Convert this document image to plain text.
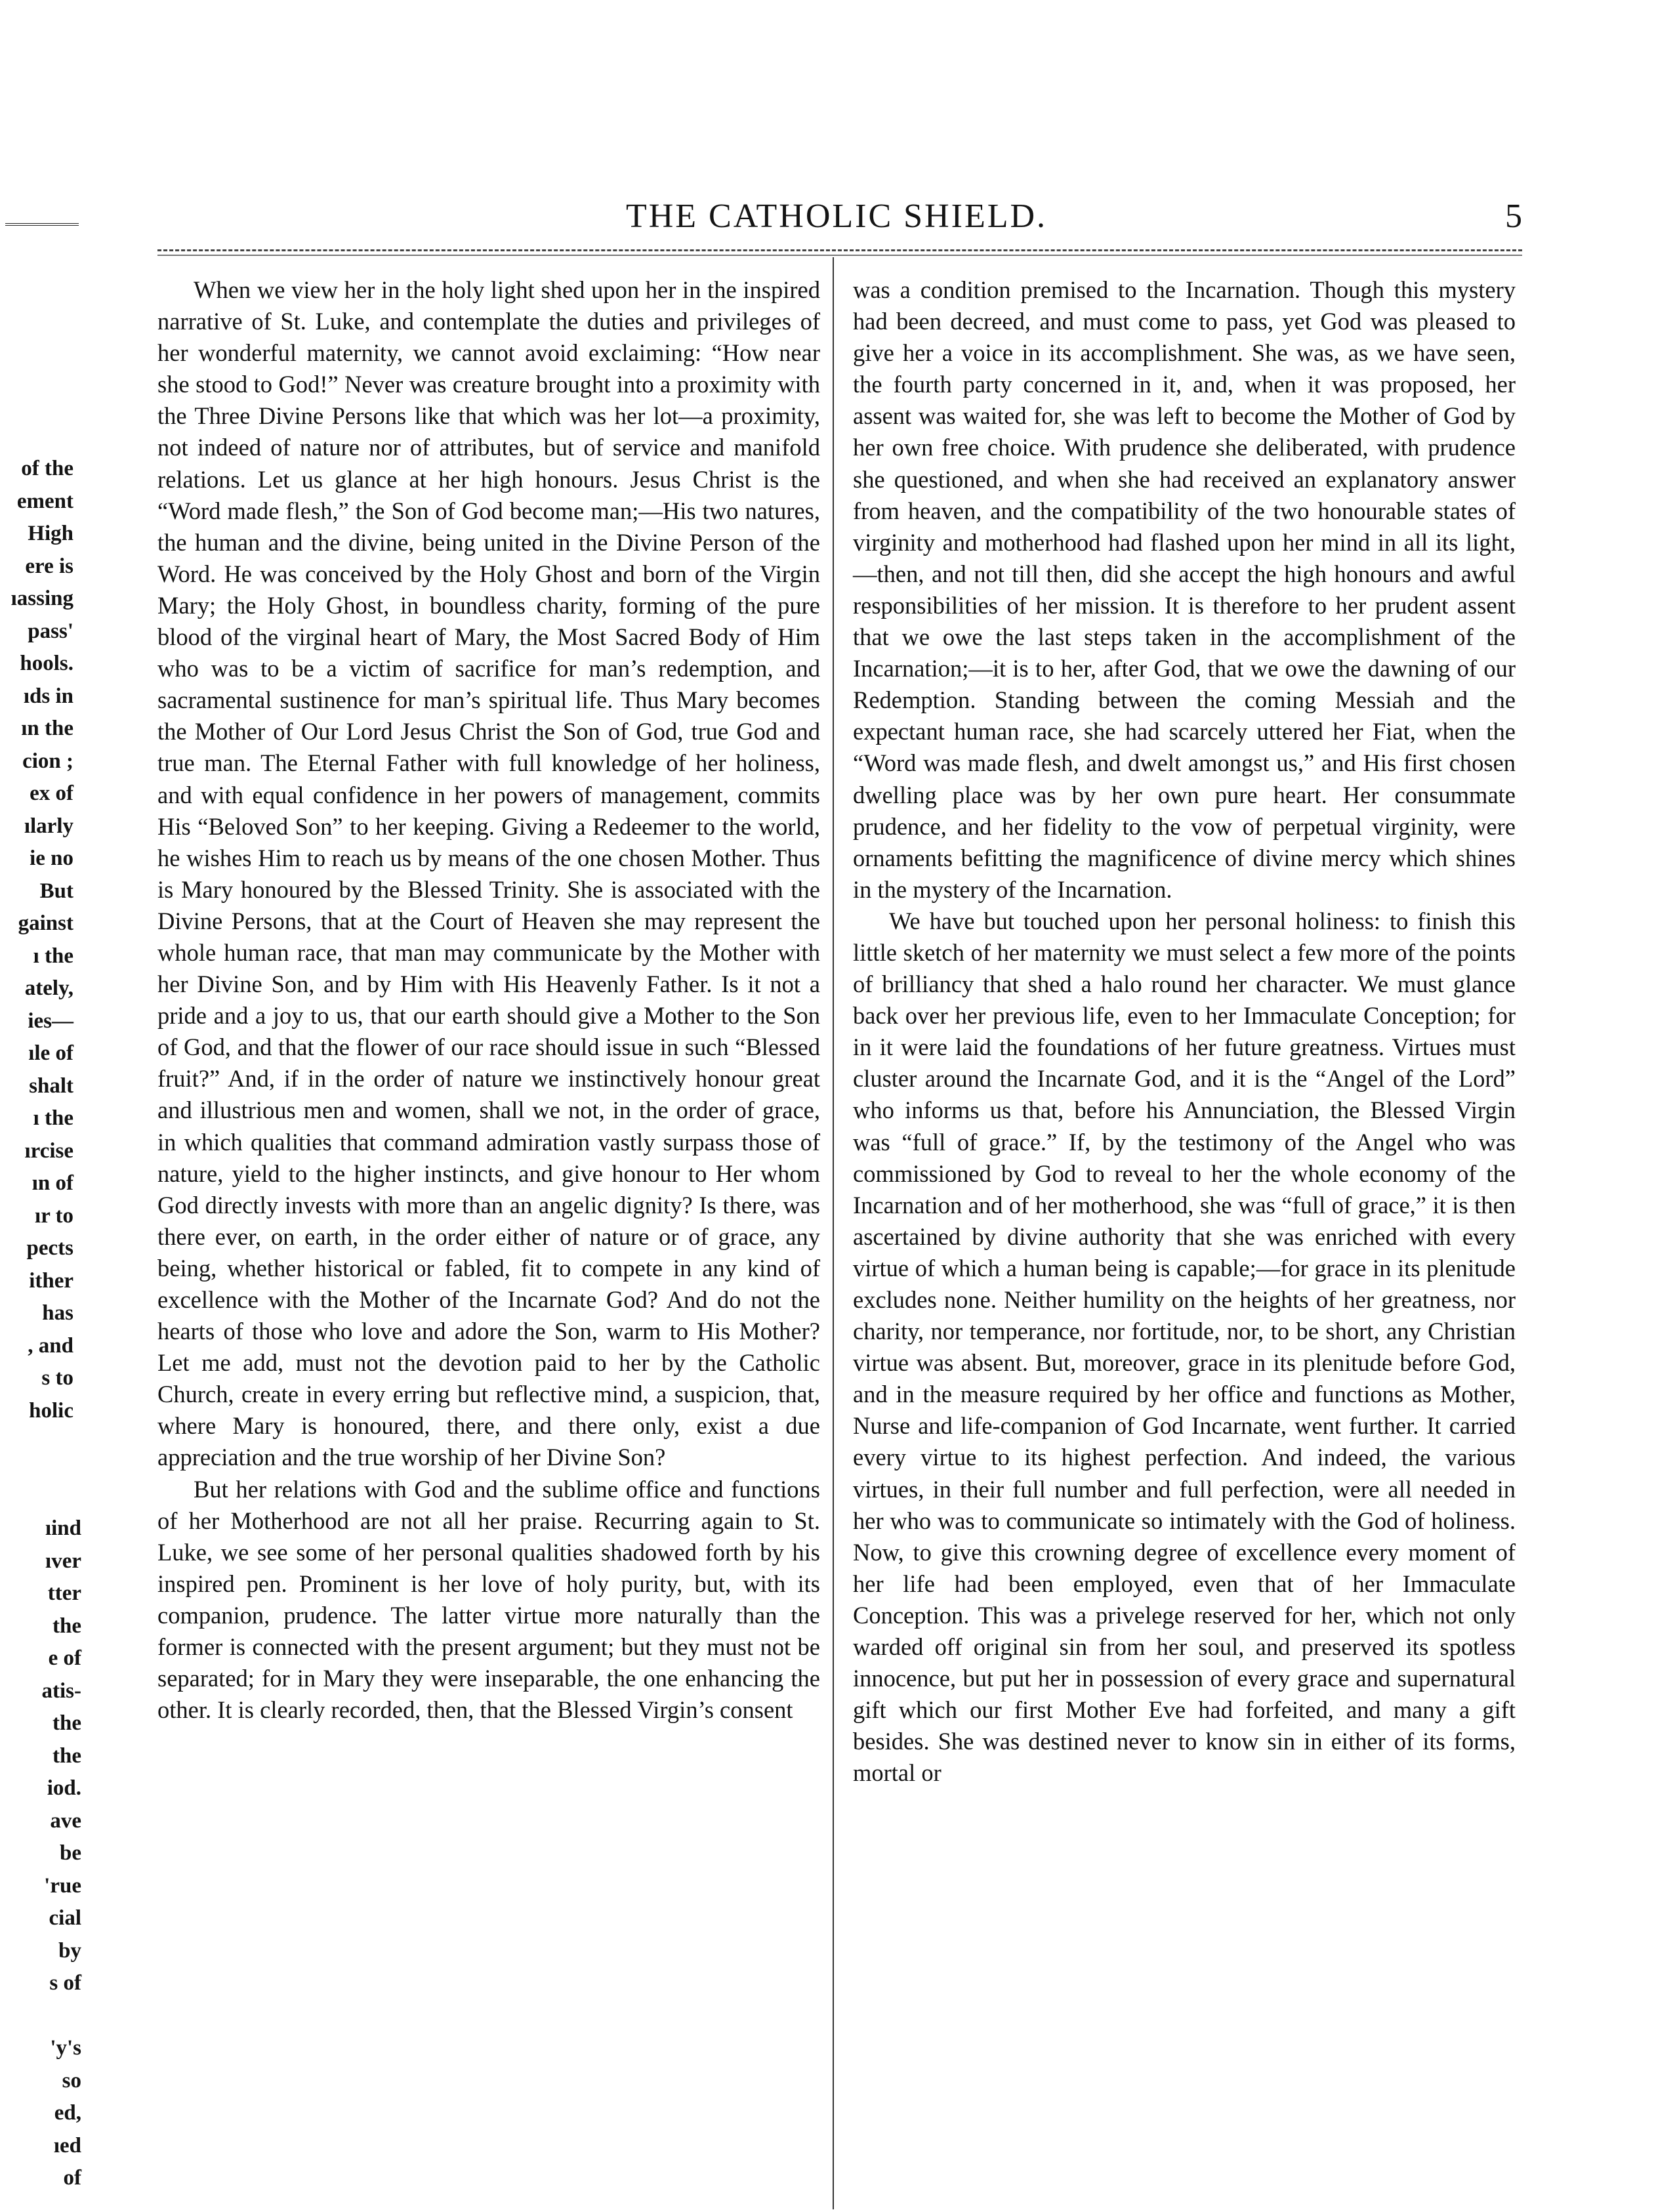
of the
ement
High
ere is
ıassing
pass'
hools.
ıds in
ın the
cion ;
ex of
ılarly
ie no
But
gainst
ı the
ately,
ies—
ıle of
shalt
ı the
ırcise
ın of
ır to
pects
ither
has
, and
s to
holic
ıind
ıver
tter
the
e of
atis-
the
the
iod.
ave
be
'rue
cial
by
s of

'y's
so
ed,
ıed
of
THE CATHOLIC SHIELD.	5

When we view her in the holy light shed upon her in the inspired narrative of St. Luke, and contemplate the duties and privileges of her wonderful maternity, we cannot avoid exclaiming: “How near she stood to God!” Never was creature brought into a proximity with the Three Divine Persons like that which was her lot—a proximity, not indeed of nature nor of attributes, but of service and manifold relations. Let us glance at her high honours. Jesus Christ is the “Word made flesh,” the Son of God become man;—His two natures, the human and the divine, being united in the Divine Person of the Word. He was conceived by the Holy Ghost and born of the Virgin Mary; the Holy Ghost, in boundless charity, forming of the pure blood of the virginal heart of Mary, the Most Sacred Body of Him who was to be a victim of sacrifice for man’s redemption, and sacramental sustinence for man’s spiritual life. Thus Mary becomes the Mother of Our Lord Jesus Christ the Son of God, true God and true man. The Eternal Father with full knowledge of her holiness, and with equal confidence in her powers of management, commits His “Beloved Son” to her keeping. Giving a Redeemer to the world, he wishes Him to reach us by means of the one chosen Mother. Thus is Mary honoured by the Blessed Trinity. She is associated with the Divine Persons, that at the Court of Heaven she may represent the whole human race, that man may communicate by the Mother with her Divine Son, and by Him with His Heavenly Father. Is it not a pride and a joy to us, that our earth should give a Mother to the Son of God, and that the flower of our race should issue in such “Blessed fruit?” And, if in the order of nature we instinctively honour great and illustrious men and women, shall we not, in the order of grace, in which qualities that command admiration vastly surpass those of nature, yield to the higher instincts, and give honour to Her whom God directly invests with more than an angelic dignity? Is there, was there ever, on earth, in the order either of nature or of grace, any being, whether historical or fabled, fit to compete in any kind of excellence with the Mother of the Incarnate God? And do not the hearts of those who love and adore the Son, warm to His Mother? Let me add, must not the devotion paid to her by the Catholic Church, create in every erring but reflective mind, a suspicion, that, where Mary is honoured, there, and there only, exist a due appreciation and the true worship of her Divine Son?

But her relations with God and the sublime office and functions of her Motherhood are not all her praise. Recurring again to St. Luke, we see some of her personal qualities shadowed forth by his inspired pen. Prominent is her love of holy purity, but, with its companion, prudence. The latter virtue more naturally than the former is connected with the present argument; but they must not be separated; for in Mary they were inseparable, the one enhancing the other. It is clearly recorded, then, that the Blessed Virgin’s consent

was a condition premised to the Incarnation. Though this mystery had been decreed, and must come to pass, yet God was pleased to give her a voice in its accomplishment. She was, as we have seen, the fourth party concerned in it, and, when it was proposed, her assent was waited for, she was left to become the Mother of God by her own free choice. With prudence she deliberated, with prudence she questioned, and when she had received an explanatory answer from heaven, and the compatibility of the two honourable states of virginity and motherhood had flashed upon her mind in all its light,—then, and not till then, did she accept the high honours and awful responsibilities of her mission. It is therefore to her prudent assent that we owe the last steps taken in the accomplishment of the Incarnation;—it is to her, after God, that we owe the dawning of our Redemption. Standing between the coming Messiah and the expectant human race, she had scarcely uttered her Fiat, when the “Word was made flesh, and dwelt amongst us,” and His first chosen dwelling place was by her own pure heart. Her consummate prudence, and her fidelity to the vow of perpetual virginity, were ornaments befitting the magnificence of divine mercy which shines in the mystery of the Incarnation.

We have but touched upon her personal holiness: to finish this little sketch of her maternity we must select a few more of the points of brilliancy that shed a halo round her character. We must glance back over her previous life, even to her Immaculate Conception; for in it were laid the foundations of her future greatness. Virtues must cluster around the Incarnate God, and it is the “Angel of the Lord” who informs us that, before his Annunciation, the Blessed Virgin was “full of grace.” If, by the testimony of the Angel who was commissioned by God to reveal to her the whole economy of the Incarnation and of her motherhood, she was “full of grace,” it is then ascertained by divine authority that she was enriched with every virtue of which a human being is capable;—for grace in its plenitude excludes none. Neither humility on the heights of her greatness, nor charity, nor temperance, nor fortitude, nor, to be short, any Christian virtue was absent. But, moreover, grace in its plenitude before God, and in the measure required by her office and functions as Mother, Nurse and life-companion of God Incarnate, went further. It carried every virtue to its highest perfection. And indeed, the various virtues, in their full number and full perfection, were all needed in her who was to communicate so intimately with the God of holiness. Now, to give this crowning degree of excellence every moment of her life had been employed, even that of her Immaculate Conception. This was a privelege reserved for her, which not only warded off original sin from her soul, and preserved its spotless innocence, but put her in possession of every grace and supernatural gift which our first Mother Eve had forfeited, and many a gift besides. She was destined never to know sin in either of its forms, mortal or
